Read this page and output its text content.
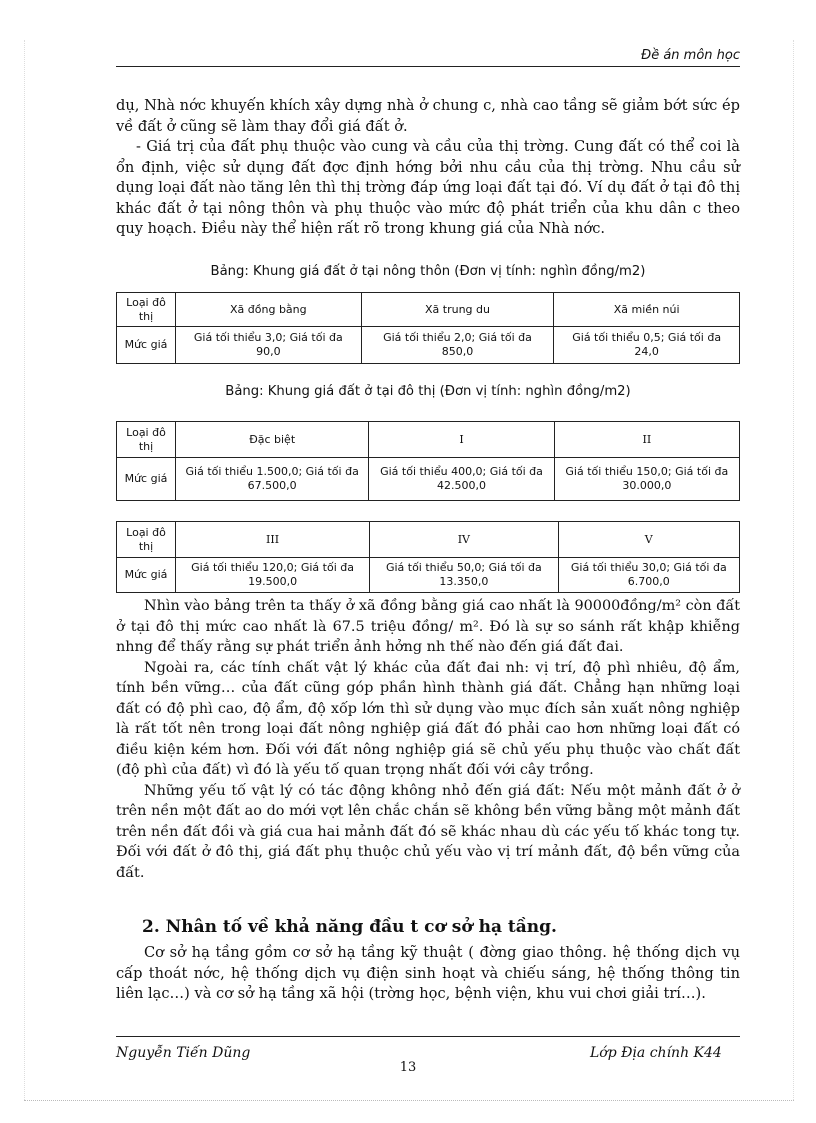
Đề án môn học

dụ, Nhà nớc khuyến khích xây dựng nhà ở chung c, nhà cao tầng sẽ giảm bớt sức ép về đất ở cũng sẽ làm thay đổi giá đất ở.

- Giá trị của đất phụ thuộc vào cung và cầu của thị trờng. Cung đất có thể coi là ổn định, việc sử dụng đất đợc định hớng bởi nhu cầu của thị trờng. Nhu cầu sử dụng loại đất nào tăng lên thì thị trờng đáp ứng loại đất tại đó. Ví dụ đất ở tại đô thị khác đất ở tại nông thôn và phụ thuộc vào mức độ phát triển của khu dân c theo quy hoạch. Điều này thể hiện rất rõ trong khung giá của Nhà nớc.

Bảng: Khung giá đất ở tại nông thôn (Đơn vị tính: nghìn đồng/m2)
Loại đô thị	Xã đồng bằng	Xã trung du	Xã miền núi
Mức giá	Giá tối thiểu 3,0; Giá tối đa 90,0	Giá tối thiểu 2,0; Giá tối đa 850,0	Giá tối thiểu 0,5; Giá tối đa 24,0
Bảng: Khung giá đất ở tại đô thị (Đơn vị tính: nghìn đồng/m2)
Loại đô thị	Đặc biệt	I	II
Mức giá	Giá tối thiểu 1.500,0; Giá tối đa 67.500,0	Giá tối thiểu 400,0; Giá tối đa 42.500,0	Giá tối thiểu 150,0; Giá tối đa 30.000,0
Loại đô thị	III	IV	V
Mức giá	Giá tối thiểu 120,0; Giá tối đa 19.500,0	Giá tối thiểu 50,0; Giá tối đa 13.350,0	Giá tối thiểu 30,0; Giá tối đa 6.700,0

Nhìn vào bảng trên ta thấy ở xã đồng bằng giá cao nhất là 90000đồng/m² còn đất ở tại đô thị mức cao nhất là 67.5 triệu đồng/ m². Đó là sự so sánh rất khập khiễng nhng để thấy rằng sự phát triển ảnh hởng nh thế nào đến giá đất đai.

Ngoài ra, các tính chất vật lý khác của đất đai nh: vị trí, độ phì nhiêu, độ ẩm, tính bền vững… của đất cũng góp phần hình thành giá đất. Chẳng hạn những loại đất có độ phì cao, độ ẩm, độ xốp lớn thì sử dụng vào mục đích sản xuất nông nghiệp là rất tốt nên trong loại đất nông nghiệp giá đất đó phải cao hơn những loại đất có điều kiện kém hơn. Đối với đất nông nghiệp giá sẽ chủ yếu phụ thuộc vào chất đất (độ phì của đất) vì đó là yếu tố quan trọng nhất đối với cây trồng.

Những yếu tố vật lý có tác động không nhỏ đến giá đất: Nếu một mảnh đất ở ở trên nền một đất ao do mới vợt lên chắc chắn sẽ không bền vững bằng một mảnh đất trên nền đất đồi và giá cua hai mảnh đất đó sẽ khác nhau dù các yếu tố khác tong tự. Đối với đất ở đô thị, giá đất phụ thuộc chủ yếu vào vị trí mảnh đất, độ bền vững của đất.

2. Nhân tố về khả năng đầu t cơ sở hạ tầng.

Cơ sở hạ tầng gồm cơ sở hạ tầng kỹ thuật ( đờng giao thông. hệ thống dịch vụ cấp thoát nớc, hệ thống dịch vụ điện sinh hoạt và chiếu sáng, hệ thống thông tin liên lạc…) và cơ sở hạ tầng xã hội (trờng học, bệnh viện, khu vui chơi giải trí…).

Nguyễn Tiến Dũng	Lớp Địa chính K44
13
